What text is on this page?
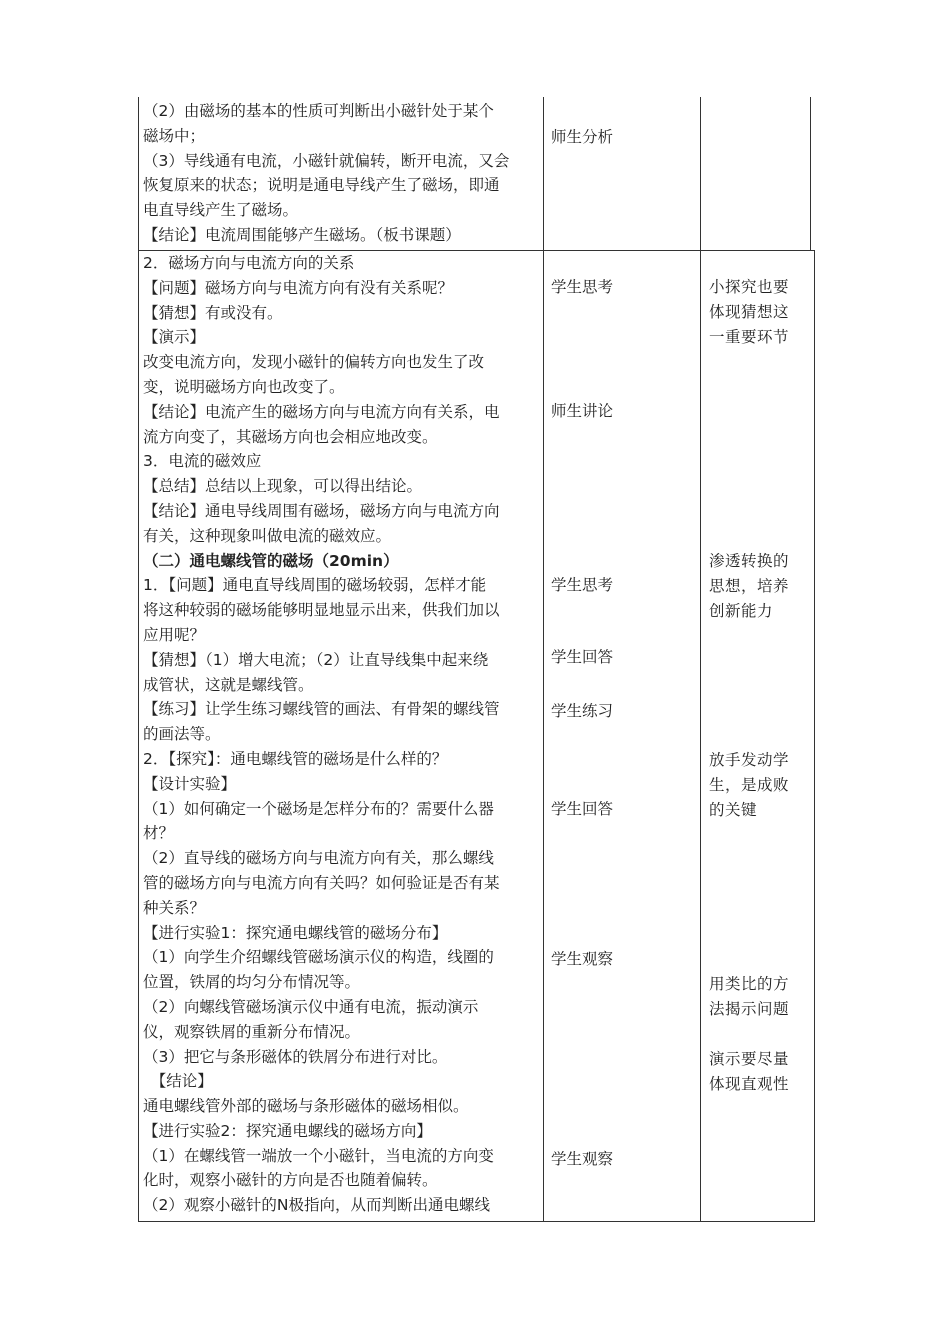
（2）由磁场的基本的性质可判断出小磁针处于某个
磁场中；
（3）导线通有电流，小磁针就偏转，断开电流，又会
恢复原来的状态；说明是通电导线产生了磁场，即通
电直导线产生了磁场。
【结论】电流周围能够产生磁场。（板书课题）
师生分析
2．磁场方向与电流方向的关系
【问题】磁场方向与电流方向有没有关系呢？
【猜想】有或没有。
【演示】
改变电流方向，发现小磁针的偏转方向也发生了改
变，说明磁场方向也改变了。
【结论】电流产生的磁场方向与电流方向有关系，电
流方向变了，其磁场方向也会相应地改变。
3．电流的磁效应
【总结】总结以上现象，可以得出结论。
【结论】通电导线周围有磁场，磁场方向与电流方向
有关，这种现象叫做电流的磁效应。
（二）通电螺线管的磁场（20min）
1．【问题】通电直导线周围的磁场较弱，怎样才能
将这种较弱的磁场能够明显地显示出来，供我们加以
应用呢？
【猜想】（1）增大电流；（2）让直导线集中起来绕
成管状，这就是螺线管。
【练习】让学生练习螺线管的画法、有骨架的螺线管
的画法等。
2．【探究】：通电螺线管的磁场是什么样的？
【设计实验】
（1）如何确定一个磁场是怎样分布的？需要什么器
材？
（2）直导线的磁场方向与电流方向有关，那么螺线
管的磁场方向与电流方向有关吗？如何验证是否有某
种关系？
【进行实验1：探究通电螺线管的磁场分布】
（1）向学生介绍螺线管磁场演示仪的构造，线圈的
位置，铁屑的均匀分布情况等。
（2）向螺线管磁场演示仪中通有电流，振动演示
仪，观察铁屑的重新分布情况。
（3）把它与条形磁体的铁屑分布进行对比。
　【结论】
通电螺线管外部的磁场与条形磁体的磁场相似。
【进行实验2：探究通电螺线的磁场方向】
（1）在螺线管一端放一个小磁针，当电流的方向变
化时，观察小磁针的方向是否也随着偏转。
（2）观察小磁针的N极指向，从而判断出通电螺线
学生思考
师生讲论
学生思考
学生回答
学生练习
学生回答
学生观察
学生观察
小探究也要
体现猜想这
一重要环节
渗透转换的
思想，培养
创新能力
放手发动学
生，是成败
的关键
用类比的方
法揭示问题
演示要尽量
体现直观性
